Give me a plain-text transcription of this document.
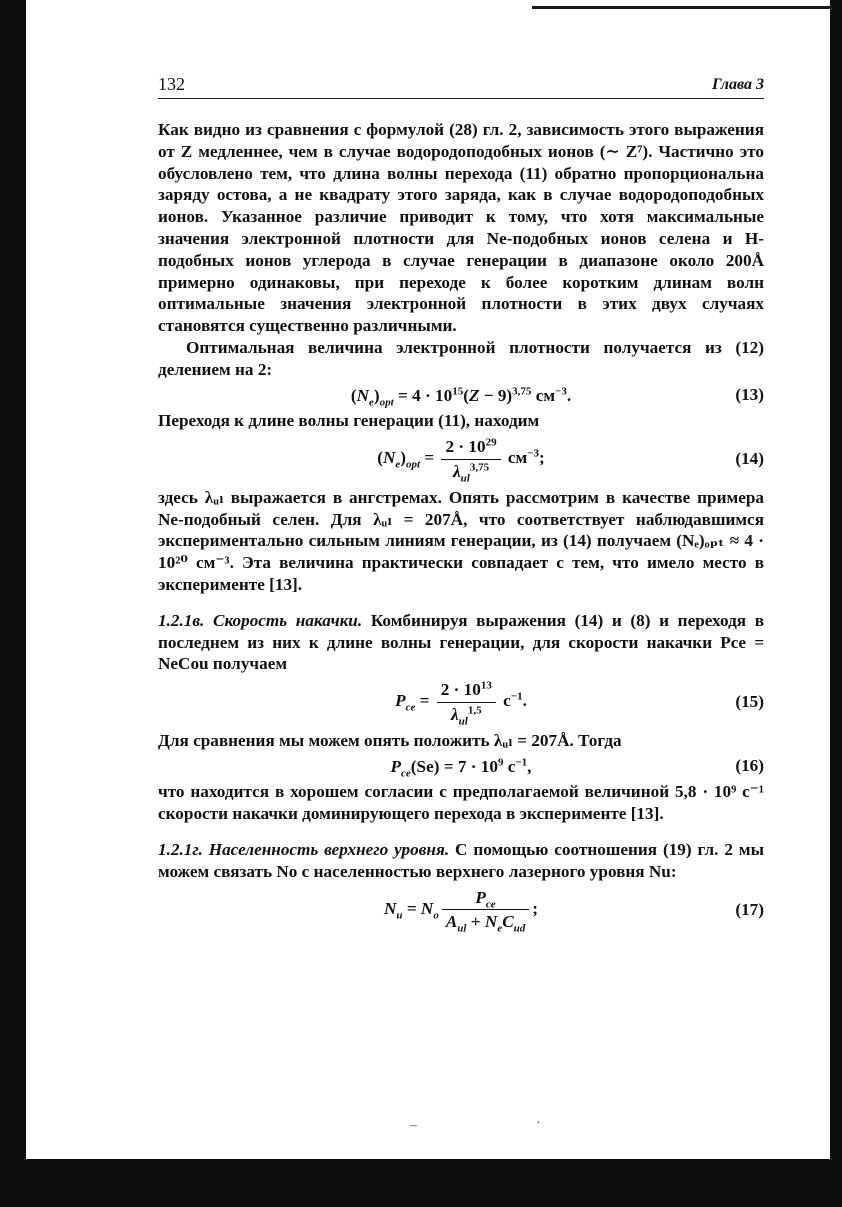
132	Глава 3

Как видно из сравнения с формулой (28) гл. 2, зависимость этого выражения от Z медленнее, чем в случае водородоподобных ионов (∼ Z⁷). Частично это обусловлено тем, что длина волны перехода (11) обратно пропорциональна заряду остова, а не квадрату этого заряда, как в случае водородоподобных ионов. Указанное различие приводит к тому, что хотя максимальные значения электронной плотности для Ne-подобных ионов селена и H-подобных ионов углерода в случае генерации в диапазоне около 200Å примерно одинаковы, при переходе к более коротким длинам волн оптимальные значения электронной плотности в этих двух случаях становятся существенно различными.

Оптимальная величина электронной плотности получается из (12) делением на 2:

$(N_e)_{opt} = 4 \cdot 10^{15}(Z - 9)^{3,75}$ $см^{-3}$.	(13)

Переходя к длине волны генерации (11), находим

$(N_e)_{opt} = \frac{2 \cdot 10^{29}}{\lambda_{ul}^{3,75}} см^{-3}$;	(14)

здесь λᵤₗ выражается в ангстремах. Опять рассмотрим в качестве примера Ne-подобный селен. Для λᵤₗ = 207Å, что соответствует наблюдавшимся экспериментально сильным линиям генерации, из (14) получаем (Nₑ)ₒₚₜ ≈ 4 · 10²⁰ см⁻³. Эта величина практически совпадает с тем, что имело место в эксперименте [13].

1.2.1в. Скорость накачки. Комбинируя выражения (14) и (8) и переходя в последнем из них к длине волны генерации, для скорости накачки Pce = NeCou получаем

$P_{ce} = \frac{2 \cdot 10^{13}}{\lambda_{ul}^{1,5}} с^{-1}$.	(15)

Для сравнения мы можем опять положить λᵤₗ = 207Å. Тогда

$P_{ce}(Se) = 7 \cdot 10^9$ $с^{-1}$,	(16)

что находится в хорошем согласии с предполагаемой величиной 5,8 · 10⁹ с⁻¹ скорости накачки доминирующего перехода в эксперименте [13].

1.2.1г. Населенность верхнего уровня. С помощью соотношения (19) гл. 2 мы можем связать No с населенностью верхнего лазерного уровня Nu:

$N_u = N_o \frac{P_{ce}}{A_{ul} + N_eC_{ud}}$ ;	(17)
‒	·
